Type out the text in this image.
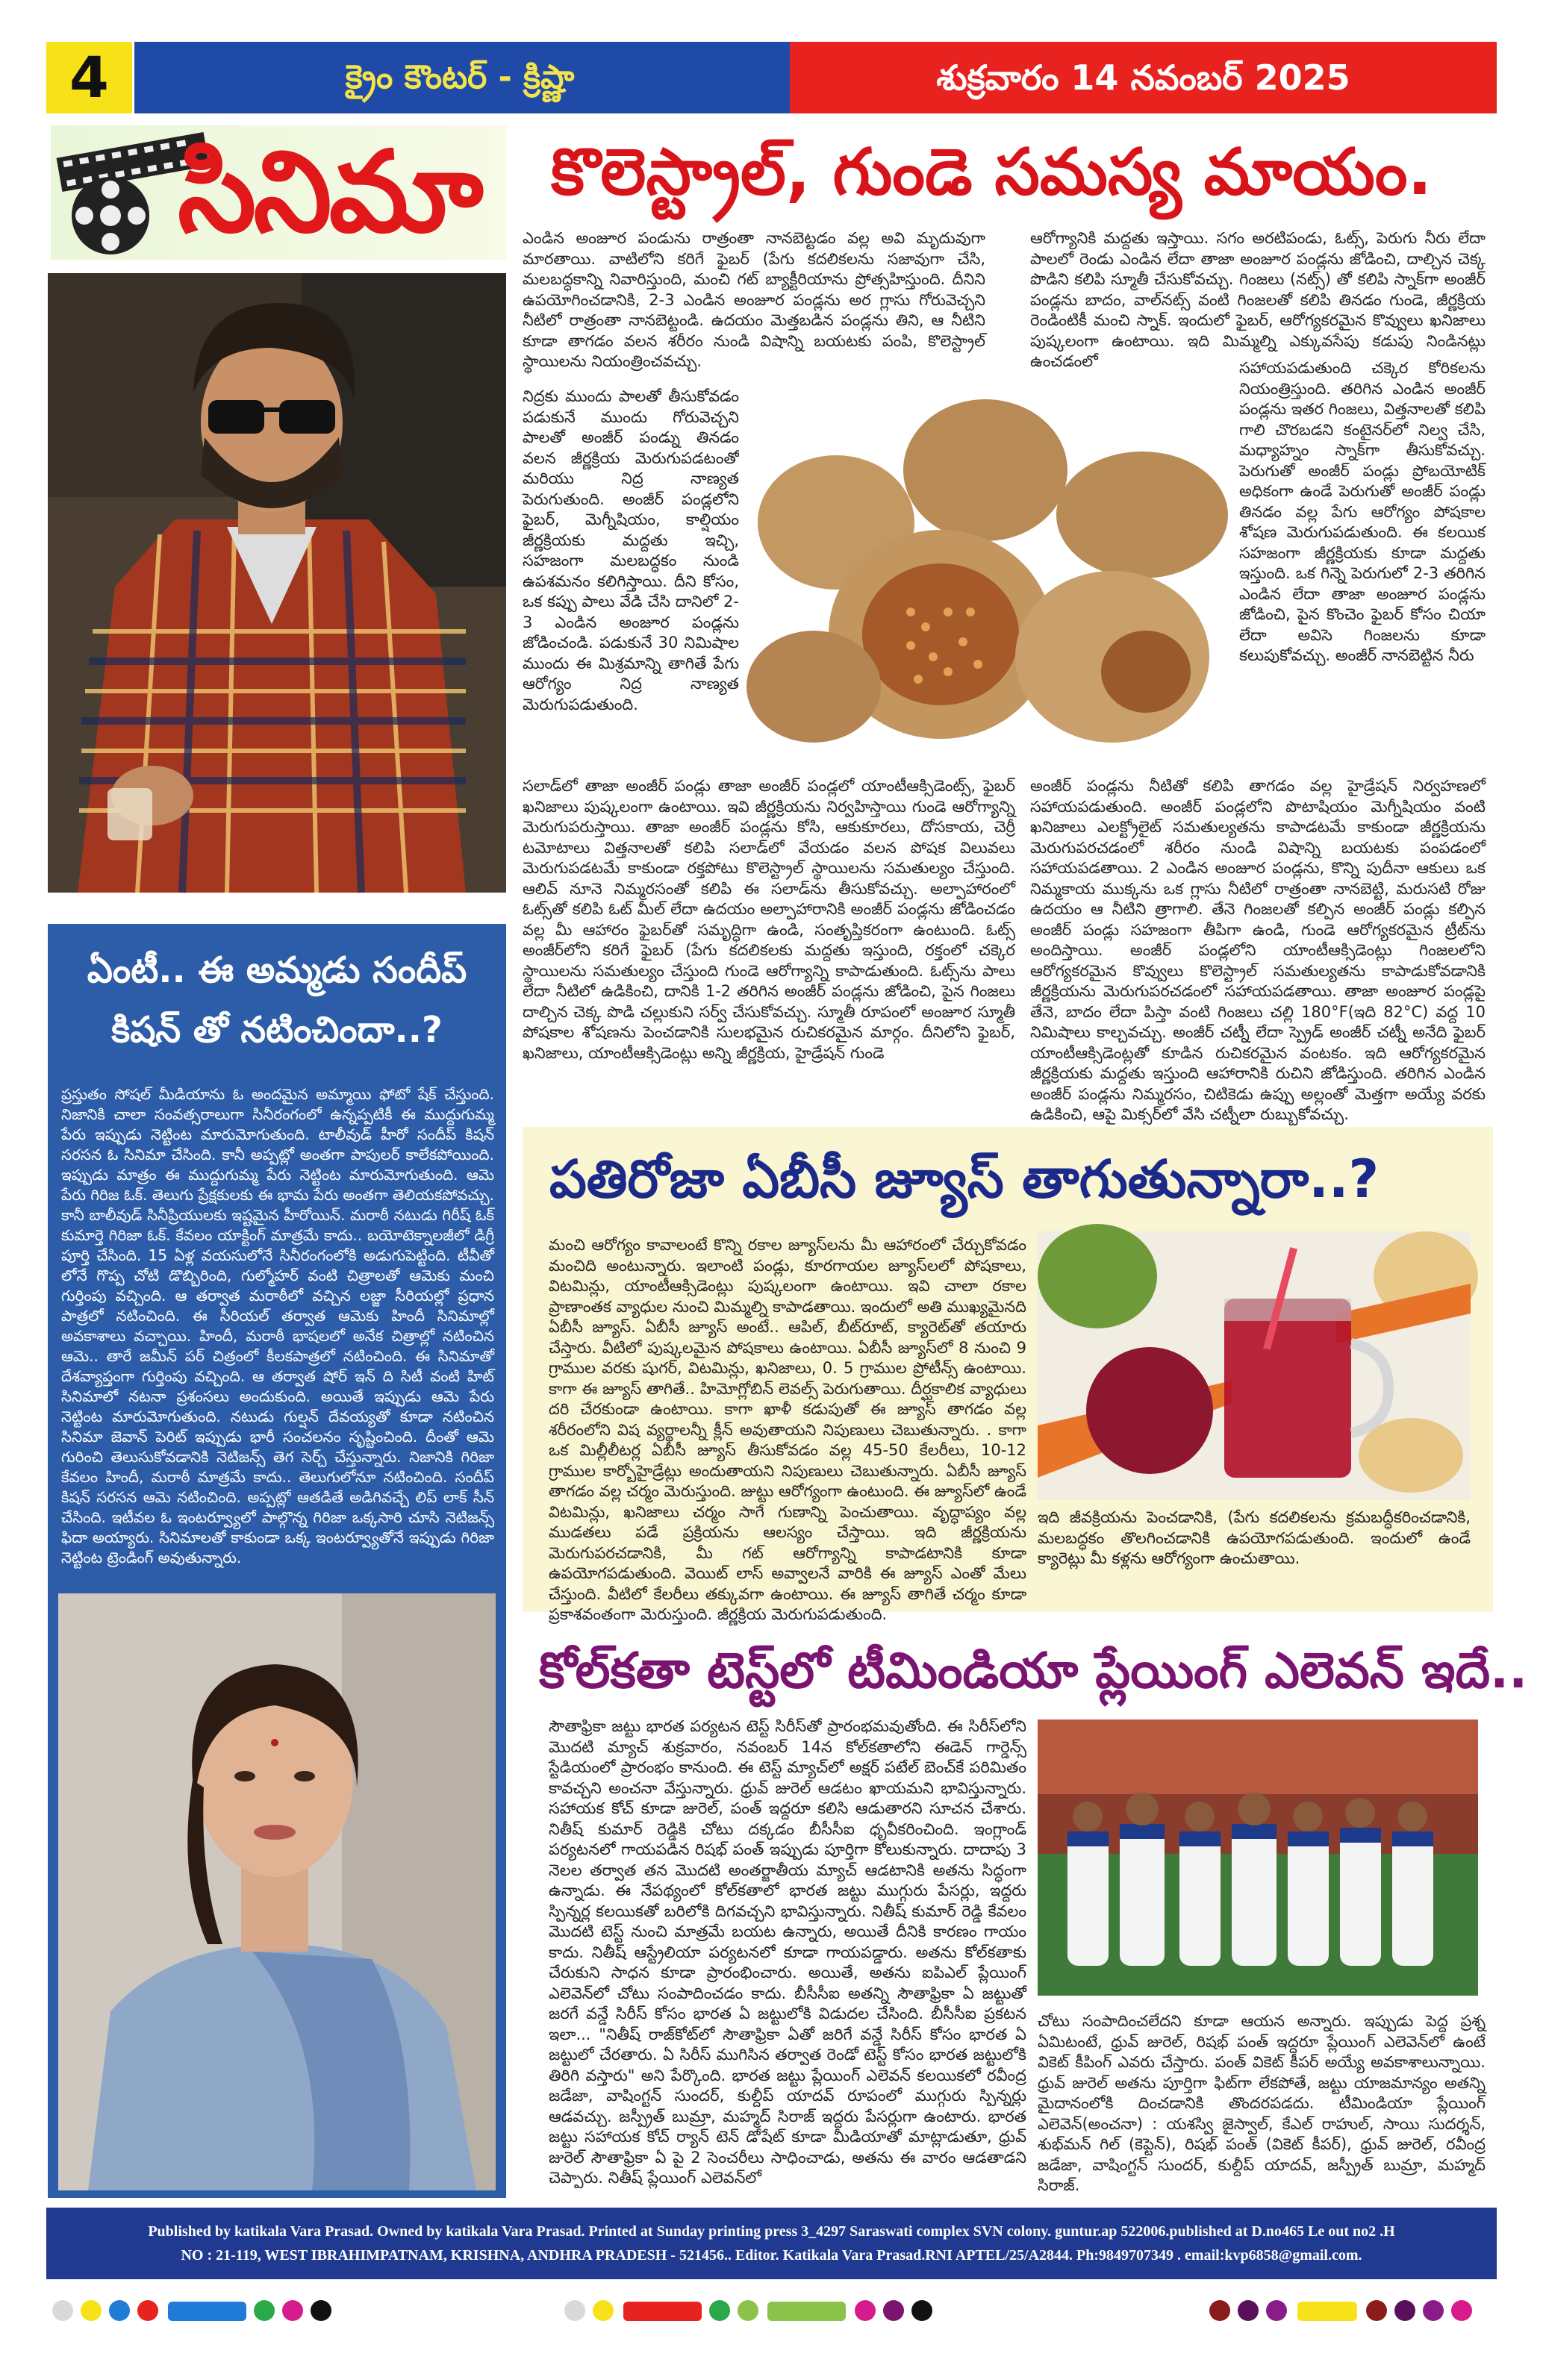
4	క్రైం కౌంటర్ - క్రిష్ణా	శుక్రవారం 14 నవంబర్ 2025
సినిమా
ఏంటీ.. ఈ అమ్మడు సందీప్ కిషన్ తో నటించిందా..?
ప్రస్తుతం సోషల్ మీడియాను ఓ అందమైన అమ్మాయి ఫోటో షేక్ చేస్తుంది. నిజానికి చాలా సంవత్సరాలుగా సినీరంగంలో ఉన్నప్పటికీ ఈ ముద్దుగుమ్మ పేరు ఇప్పుడు నెట్టింట మారుమోగుతుంది. టాలీవుడ్ హీరో సందీప్ కిషన్ సరసన ఓ సినిమా చేసింది. కానీ అప్పట్లో అంతగా పాపులర్ కాలేకపోయింది. ఇప్పుడు మాత్రం ఈ ముద్దుగుమ్మ పేరు నెట్టింట మారుమోగుతుంది. ఆమె పేరు గిరిజ ఓక్. తెలుగు ప్రేక్షకులకు ఈ భామ పేరు అంతగా తెలియకపోవచ్చు. కానీ బాలీవుడ్ సినీప్రియులకు ఇష్టమైన హీరోయిన్. మరాఠీ నటుడు గిరీష్ ఓక్ కుమార్తె గిరిజా ఓక్. కేవలం యాక్టింగ్ మాత్రమే కాదు.. బయోటెక్నాలజీలో డిగ్రీ పూర్తి చేసింది. 15 ఏళ్ల వయసులోనే సినీరంగంలోకి అడుగుపెట్టింది. టీవీతో లోనే గొప్ప చోటి డొబ్బిరింది, గుల్మోహర్ వంటి చిత్రాలతో ఆమెకు మంచి గుర్తింపు వచ్చింది. ఆ తర్వాత మరాఠీలో వచ్చిన లజ్జా సీరియల్లో ప్రధాన పాత్రలో నటించింది. ఈ సీరియల్ తర్వాత ఆమెకు హిందీ సినిమాల్లో అవకాశాలు వచ్చాయి. హిందీ, మరాఠీ భాషలలో అనేక చిత్రాల్లో నటించిన ఆమె.. తారే జమీన్ పర్ చిత్రంలో కీలకపాత్రలో నటించింది. ఈ సినిమాతో దేశవ్యాప్తంగా గుర్తింపు వచ్చింది. ఆ తర్వాత షోర్ ఇన్ ది సిటీ వంటి హిట్ సినిమాలో నటనా ప్రశంసలు అందుకుంది. అయితే ఇప్పుడు ఆమె పేరు నెట్టింట మారుమోగుతుంది. నటుడు గుల్షన్ దేవయ్యతో కూడా నటించిన సినిమా జెవాన్ పెరిట్ ఇప్పుడు భారీ సంచలనం సృష్టించింది. దీంతో ఆమె గురించి తెలుసుకోవడానికి నెటిజన్స్ తెగ సెర్చ్ చేస్తున్నారు. నిజానికి గిరిజా కేవలం హిందీ, మరాఠీ మాత్రమే కాదు.. తెలుగులోనూ నటించింది. సందీప్ కిషన్ సరసన ఆమె నటించింది. అప్పట్లో ఆతడితే అడిగివచ్చే లిప్ లాక్ సీన్ చేసింది. ఇటీవల ఓ ఇంటర్వ్యూలో పాల్గొన్న గిరిజా ఒక్కసారి చూసి నెటిజన్స్ ఫిదా అయ్యారు. సినిమాలతో కాకుండా ఒక్క ఇంటర్వ్యూతోనే ఇప్పుడు గిరిజా నెట్టింట ట్రెండింగ్ అవుతున్నారు.
కొలెస్ట్రాల్, గుండె సమస్య మాయం.
ఎండిన అంజూర పండును రాత్రంతా నానబెట్టడం వల్ల అవి మృదువుగా మారతాయి. వాటిలోని కరిగే ఫైబర్ (పేగు కదలికలను సజావుగా చేసి, మలబద్ధకాన్ని నివారిస్తుంది, మంచి గట్ బ్యాక్టీరియాను ప్రోత్సహిస్తుంది. దీనిని ఉపయోగించడానికి, 2-3 ఎండిన అంజూర పండ్లను అర గ్లాసు గోరువెచ్చని నీటిలో రాత్రంతా నానబెట్టండి. ఉదయం మెత్తబడిన పండ్లను తిని, ఆ నీటిని కూడా తాగడం వలన శరీరం నుండి విషాన్ని బయటకు పంపి, కొలెస్ట్రాల్ స్థాయిలను నియంత్రించవచ్చు.
నిద్రకు ముందు పాలతో తీసుకోవడం పడుకునే ముందు గోరువెచ్చని పాలతో అంజీర్ పండ్ను తినడం వలన జీర్ణక్రియ మెరుగుపడటంతో మరియు నిద్ర నాణ్యత పెరుగుతుంది. అంజీర్ పండ్లలోని ఫైబర్, మెగ్నీషియం, కాల్షియం జీర్ణక్రియకు మద్దతు ఇచ్చి, సహజంగా మలబద్ధకం నుండి ఉపశమనం కలిగిస్తాయి. దీని కోసం, ఒక కప్పు పాలు వేడి చేసి దానిలో 2-3 ఎండిన అంజూర పండ్లను జోడించండి. పడుకునే 30 నిమిషాల ముందు ఈ మిశ్రమాన్ని తాగితే పేగు ఆరోగ్యం నిద్ర నాణ్యత మెరుగుపడుతుంది.
ఆరోగ్యానికి మద్దతు ఇస్తాయి. సగం అరటిపండు, ఓట్స్, పెరుగు నీరు లేదా పాలలో రెండు ఎండిన లేదా తాజా అంజూర పండ్లను జోడించి, దాల్చిన చెక్క పొడిని కలిపి స్మూతీ చేసుకోవచ్చు. గింజలు (నట్స్) తో కలిపి స్నాక్‌గా అంజీర్ పండ్లను బాదం, వాల్‌నట్స్ వంటి గింజలతో కలిపి తినడం గుండె, జీర్ణక్రియ రెండింటికీ మంచి స్నాక్. ఇందులో ఫైబర్, ఆరోగ్యకరమైన కొవ్వులు ఖనిజాలు పుష్కలంగా ఉంటాయి. ఇది మిమ్మల్ని ఎక్కువసేపు కడుపు నిండినట్లు ఉంచడంలో	సహాయపడుతుంది చక్కెర కోరికలను నియంత్రిస్తుంది. తరిగిన ఎండిన అంజీర్ పండ్లను ఇతర గింజలు, విత్తనాలతో కలిపి గాలి చొరబడని కంటైనర్‌లో నిల్వ చేసి, మధ్యాహ్నం స్నాక్‌గా తీసుకోవచ్చు. పెరుగుతో అంజీర్ పండ్లు ప్రోబయోటిక్ అధికంగా ఉండే పెరుగుతో అంజీర్ పండ్లు తినడం వల్ల పేగు ఆరోగ్యం పోషకాల శోషణ మెరుగుపడుతుంది. ఈ కలయిక సహజంగా జీర్ణక్రియకు కూడా మద్దతు ఇస్తుంది. ఒక గిన్నె పెరుగులో 2-3 తరిగిన ఎండిన లేదా తాజా అంజూర పండ్లను జోడించి, పైన కొంచెం ఫైబర్ కోసం చియా లేదా అవిసె గింజలను కూడా కలుపుకోవచ్చు. అంజీర్ నానబెట్టిన నీరు
సలాడ్‌లో తాజా అంజీర్ పండ్లు తాజా అంజీర్ పండ్లలో యాంటీఆక్సిడెంట్స్, ఫైబర్ ఖనిజాలు పుష్కలంగా ఉంటాయి. ఇవి జీర్ణక్రియను నిర్వహిస్తాయి గుండె ఆరోగ్యాన్ని మెరుగుపరుస్తాయి. తాజా అంజీర్ పండ్లను కోసి, ఆకుకూరలు, దోసకాయ, చెర్రీ టమోటాలు విత్తనాలతో కలిపి సలాడ్‌లో వేయడం వలన పోషక విలువలు మెరుగుపడటమే కాకుండా రక్తపోటు కొలెస్ట్రాల్ స్థాయిలను సమతుల్యం చేస్తుంది. ఆలివ్ నూనె నిమ్మరసంతో కలిపి ఈ సలాడ్‌ను తీసుకోవచ్చు. అల్పాహారంలో ఓట్స్‌తో కలిపి ఓట్ మీల్ లేదా ఉదయం అల్పాహారానికి అంజీర్ పండ్లను జోడించడం వల్ల మీ ఆహారం ఫైబర్‌తో సమృద్ధిగా ఉండి, సంతృప్తికరంగా ఉంటుంది. ఓట్స్ అంజీర్‌లోని కరిగే ఫైబర్ (పేగు కదలికలకు మద్దతు ఇస్తుంది, రక్తంలో చక్కెర స్థాయిలను సమతుల్యం చేస్తుంది గుండె ఆరోగ్యాన్ని కాపాడుతుంది. ఓట్స్‌ను పాలు లేదా నీటిలో ఉడికించి, దానికి 1-2 తరిగిన అంజీర్ పండ్లను జోడించి, పైన గింజలు దాల్చిన చెక్క పొడి చల్లుకుని సర్వ్ చేసుకోవచ్చు. స్మూతీ రూపంలో అంజూర స్మూతీ పోషకాల శోషణను పెంచడానికి సులభమైన రుచికరమైన మార్గం. దీనిలోని ఫైబర్, ఖనిజాలు, యాంటీఆక్సిడెంట్లు అన్ని జీర్ణక్రియ, హైడ్రేషన్ గుండె
అంజీర్ పండ్లను నీటితో కలిపి తాగడం వల్ల హైడ్రేషన్ నిర్వహణలో సహాయపడుతుంది. అంజీర్ పండ్లలోని పొటాషియం మెగ్నీషియం వంటి ఖనిజాలు ఎలక్ట్రోలైట్ సమతుల్యతను కాపాడటమే కాకుండా జీర్ణక్రియను మెరుగుపరచడంలో శరీరం నుండి విషాన్ని బయటకు పంపడంలో సహాయపడతాయి. 2 ఎండిన అంజూర పండ్లను, కొన్ని పుదీనా ఆకులు ఒక నిమ్మకాయ ముక్కను ఒక గ్లాసు నీటిలో రాత్రంతా నానబెట్టి, మరుసటి రోజు ఉదయం ఆ నీటిని త్రాగాలి. తేనె గింజలతో కల్పిన అంజీర్ పండ్లు కల్పిన అంజీర్ పండ్లు సహజంగా తీపిగా ఉండి, గుండె ఆరోగ్యకరమైన ట్రీట్‌ను అందిస్తాయి. అంజీర్ పండ్లలోని యాంటీఆక్సిడెంట్లు గింజలలోని ఆరోగ్యకరమైన కొవ్వులు కొలెస్ట్రాల్ సమతుల్యతను కాపాడుకోవడానికి జీర్ణక్రియను మెరుగుపరచడంలో సహాయపడతాయి. తాజా అంజూర పండ్లపై తేనె, బాదం లేదా పిస్తా వంటి గింజలు చల్లి 180°F(ఇది 82°C) వద్ద 10 నిమిషాలు కాల్చవచ్చు. అంజీర్ చట్నీ లేదా స్ప్రెడ్ అంజీర్ చట్నీ అనేది ఫైబర్ యాంటీఆక్సిడెంట్లతో కూడిన రుచికరమైన వంటకం. ఇది ఆరోగ్యకరమైన జీర్ణక్రియకు మద్దతు ఇస్తుంది ఆహారానికి రుచిని జోడిస్తుంది. తరిగిన ఎండిన అంజీర్ పండ్లను నిమ్మరసం, చిటికెడు ఉప్పు అల్లంతో మెత్తగా అయ్యే వరకు ఉడికించి, ఆపై మిక్సర్‌లో వేసి చట్నీలా రుబ్బుకోవచ్చు.
పతిరోజా ఏబీసీ జ్యూస్ తాగుతున్నారా..?
మంచి ఆరోగ్యం కావాలంటే కొన్ని రకాల జ్యూస్‌లను మీ ఆహారంలో చేర్చుకోవడం మంచిది అంటున్నారు. ఇలాంటి పండ్లు, కూరగాయల జ్యూస్‌లలో పోషకాలు, విటమిన్లు, యాంటీఆక్సిడెంట్లు పుష్కలంగా ఉంటాయి. ఇవి చాలా రకాల ప్రాణాంతక వ్యాధుల నుంచి మిమ్మల్ని కాపాడతాయి. ఇందులో అతి ముఖ్యమైనది ఏబీసీ జ్యూస్. ఏబీసీ జ్యూస్ అంటే.. ఆపిల్, బీట్‌రూట్, క్యారెట్‌తో తయారు చేస్తారు. వీటిలో పుష్కలమైన పోషకాలు ఉంటాయి. ఏబీసీ జ్యూస్‌లో 8 నుంచి 9 గ్రాముల వరకు షుగర్, విటమిన్లు, ఖనిజాలు, 0. 5 గ్రాముల ప్రోటీన్స్ ఉంటాయి. కాగా ఈ జ్యూస్ తాగితే.. హిమోగ్లోబిన్ లెవల్స్ పెరుగుతాయి. దీర్ఘకాలిక వ్యాధులు దరి చేరకుండా ఉంటాయి. కాగా ఖాళీ కడుపుతో ఈ జ్యూస్ తాగడం వల్ల శరీరంలోని విష వ్యర్థాలన్నీ క్లీన్ అవుతాయని నిపుణులు చెబుతున్నారు. . కాగా ఒక మిల్లీలీటర్ల ఏబీసీ జ్యూస్ తీసుకోవడం వల్ల 45-50 కేలరీలు, 10-12 గ్రాముల కార్బోహైడ్రేట్లు అందుతాయని నిపుణులు చెబుతున్నారు. ఏబీసీ జ్యూస్ తాగడం వల్ల చర్మం మెరుస్తుంది. జుట్టు ఆరోగ్యంగా ఉంటుంది. ఈ జ్యూస్‌లో ఉండే విటమిన్లు, ఖనిజాలు చర్మం సాగే గుణాన్ని పెంచుతాయి. వృద్ధాప్యం వల్ల ముడతలు పడే ప్రక్రియను ఆలస్యం చేస్తాయి. ఇది జీర్ణక్రియను మెరుగుపరచడానికి, మీ గట్ ఆరోగ్యాన్ని కాపాడటానికి కూడా ఉపయోగపడుతుంది. వెయిట్ లాస్ అవ్వాలనే వారికి ఈ జ్యూస్ ఎంతో మేలు చేస్తుంది. వీటిలో కేలరీలు తక్కువగా ఉంటాయి. ఈ జ్యూస్ తాగితే చర్మం కూడా ప్రకాశవంతంగా మెరుస్తుంది. జీర్ణక్రియ మెరుగుపడుతుంది.
ఇది జీవక్రియను పెంచడానికి, (పేగు కదలికలను క్రమబద్ధీకరించడానికి, మలబద్ధకం తొలగించడానికి ఉపయోగపడుతుంది. ఇందులో ఉండే క్యారెట్లు మీ కళ్లను ఆరోగ్యంగా ఉంచుతాయి.
కోల్‌కతా టెస్ట్‌లో టీమిండియా ప్లేయింగ్ ఎలెవన్ ఇదే..
సౌతాఫ్రికా జట్టు భారత పర్యటన టెస్ట్ సిరీస్‌తో ప్రారంభమవుతోంది. ఈ సిరీస్‌లోని మొదటి మ్యాచ్ శుక్రవారం, నవంబర్ 14న కోల్‌కతాలోని ఈడెన్ గార్డెన్స్ స్టేడియంలో ప్రారంభం కానుంది. ఈ టెస్ట్ మ్యాచ్‌లో అక్షర్ పటేల్ బెంచ్‌కే పరిమితం కావచ్చని అంచనా వేస్తున్నారు. ధ్రువ్ జురెల్ ఆడటం ఖాయమని భావిస్తున్నారు. సహాయక కోచ్ కూడా జురెల్, పంత్ ఇద్దరూ కలిసి ఆడుతారని సూచన చేశారు. నితీష్ కుమార్ రెడ్డికి చోటు దక్కడం బీసీసీఐ ధృవీకరించింది. ఇంగ్లాండ్ పర్యటనలో గాయపడిన రిషభ్ పంత్ ఇప్పుడు పూర్తిగా కోలుకున్నారు. దాదాపు 3 నెలల తర్వాత తన మొదటి అంతర్జాతీయ మ్యాచ్ ఆడటానికి అతను సిద్ధంగా ఉన్నాడు. ఈ నేపథ్యంలో కోల్‌కతాలో భారత జట్టు ముగ్గురు పేసర్లు, ఇద్దరు స్పిన్నర్ల కలయికతో బరిలోకి దిగవచ్చని భావిస్తున్నారు. నితీష్ కుమార్ రెడ్డి కేవలం మొదటి టెస్ట్ నుంచి మాత్రమే బయట ఉన్నారు, అయితే దీనికి కారణం గాయం కాదు. నితీష్ ఆస్ట్రేలియా పర్యటనలో కూడా గాయపడ్డారు. అతను కోల్‌కతాకు చేరుకుని సాధన కూడా ప్రారంభించారు. అయితే, అతను ఐపిఎల్ ప్లేయింగ్ ఎలెవెన్‌లో చోటు సంపాదించడం కాదు. బీసీసీఐ అతన్ని సౌతాఫ్రికా ఏ జట్టుతో జరగే వన్డే సిరీస్ కోసం భారత ఏ జట్టులోకి విడుదల చేసింది. బీసీసీఐ ప్రకటన ఇలా... "నితీష్ రాజ్‌కోట్‌లో సౌతాఫ్రికా ఏతో జరిగే వన్డే సిరీస్ కోసం భారత ఏ జట్టులో చేరతారు. ఏ సిరీస్ ముగిసిన తర్వాత రెండో టెస్ట్ కోసం భారత జట్టులోకి తిరిగి వస్తారు" అని పేర్కొంది. భారత జట్టు ప్లేయింగ్ ఎలెవన్ కలయికలో రవీంద్ర జడేజా, వాషింగ్టన్ సుందర్, కుల్దీప్ యాదవ్ రూపంలో ముగ్గురు స్పిన్నర్లు ఆడవచ్చు. జస్ప్రీత్ బుమ్రా, మహ్మద్ సిరాజ్ ఇద్దరు పేసర్లుగా ఉంటారు. భారత జట్టు సహాయక కోచ్ ర్యాన్ టెన్ డోషేట్ కూడా మీడియాతో మాట్లాడుతూ, ధ్రువ్ జురెల్ సౌతాఫ్రికా ఏ పై 2 సెంచరీలు సాధించాడు, అతను ఈ వారం ఆడతాడని చెప్పారు. నితీష్ ప్లేయింగ్ ఎలెవన్‌లో
చోటు సంపాదించలేదని కూడా ఆయన అన్నారు. ఇప్పుడు పెద్ద ప్రశ్న ఏమిటంటే, ధ్రువ్ జురెల్, రిషభ్ పంత్ ఇద్దరూ ప్లేయింగ్ ఎలెవెన్‌లో ఉంటే వికెట్ కీపింగ్ ఎవరు చేస్తారు. పంత్ వికెట్ కీపర్ అయ్యే అవకాశాలున్నాయి. ధ్రువ్ జురెల్ అతను పూర్తిగా ఫిట్‌గా లేకపోతే, జట్టు యాజమాన్యం అతన్ని మైదానంలోకి దించడానికి తొందరపడదు. టీమిండియా ప్లేయింగ్ ఎలెవెన్(అంచనా) : యశస్వి జైస్వాల్, కేఎల్ రాహుల్, సాయి సుదర్శన్, శుభ్‌మన్ గిల్ (కెప్టెన్), రిషభ్ పంత్ (వికెట్ కీపర్), ధ్రువ్ జురెల్, రవీంద్ర జడేజా, వాషింగ్టన్ సుందర్, కుల్దీప్ యాదవ్, జస్ప్రీత్ బుమ్రా, మహ్మద్ సిరాజ్.
Published by katikala Vara Prasad. Owned by katikala Vara Prasad. Printed at Sunday printing press 3_4297 Saraswati complex SVN colony. guntur.ap 522006.published at D.no465 Le out no2 .H
NO : 21-119, WEST IBRAHIMPATNAM, KRISHNA, ANDHRA PRADESH - 521456.. Editor. Katikala Vara Prasad.RNI APTEL/25/A2844. Ph:9849707349 . email:kvp6858@gmail.com.
